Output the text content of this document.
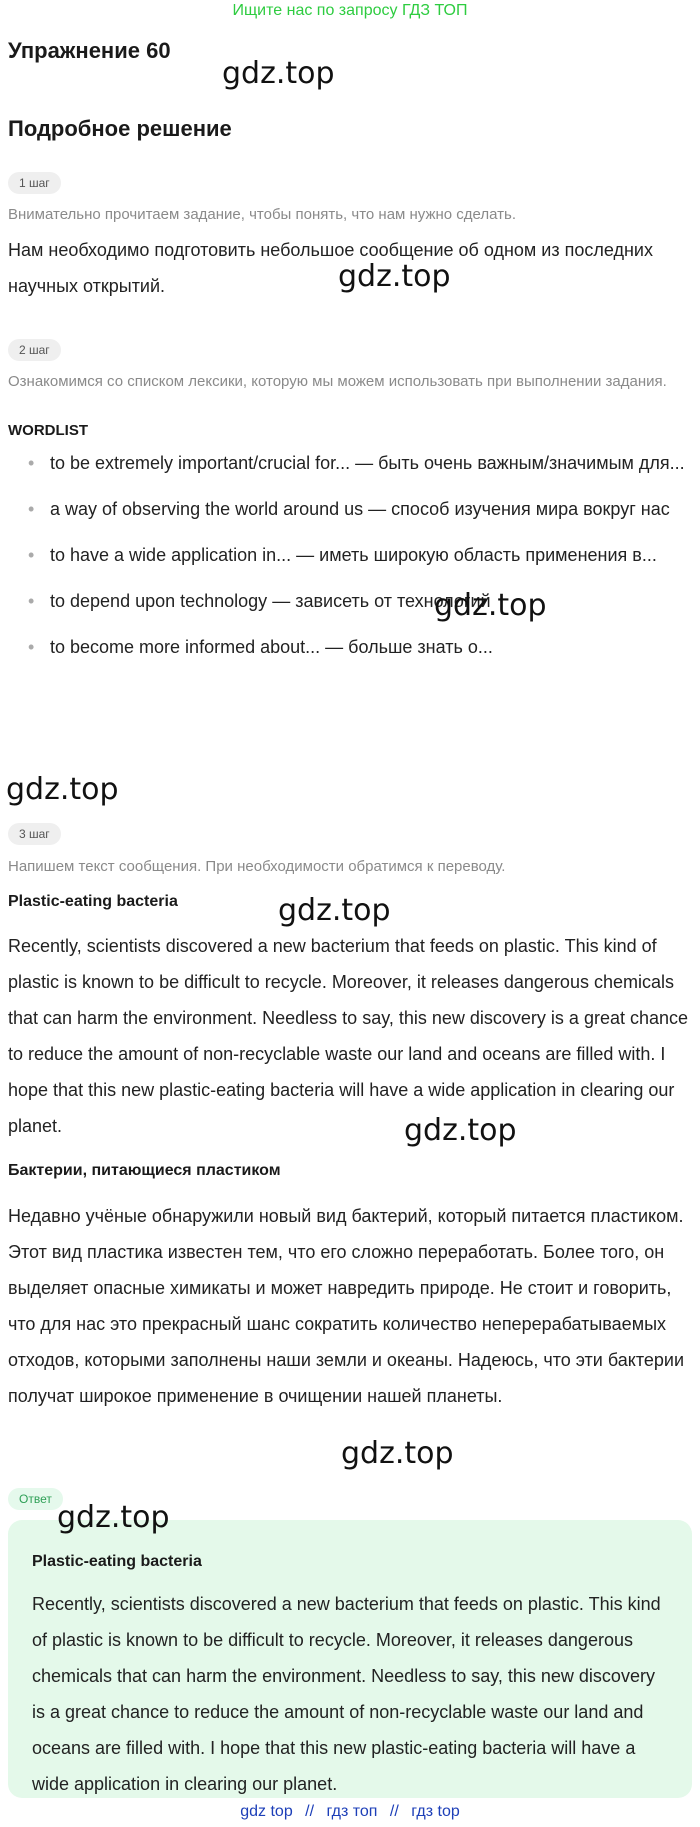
Ищите нас по запросу ГДЗ ТОП
Упражнение 60
gdz.top
Подробное решение
1 шаг
Внимательно прочитаем задание, чтобы понять, что нам нужно сделать.
Нам необходимо подготовить небольшое сообщение об одном из последних научных открытий.	gdz.top
2 шаг
Ознакомимся со списком лексики, которую мы можем использовать при выполнении задания.
WORDLIST
• to be extremely important/crucial for... — быть очень важным/значимым для...
• a way of observing the world around us — способ изучения мира вокруг нас
• to have a wide application in... — иметь широкую область применения в...
• to depend upon technology — зависеть от технологий
• to become more informed about... — больше знать о...
gdz.top
gdz.top
3 шаг
Напишем текст сообщения. При необходимости обратимся к переводу.
Plastic-eating bacteria	gdz.top
Recently, scientists discovered a new bacterium that feeds on plastic. This kind of plastic is known to be difficult to recycle. Moreover, it releases dangerous chemicals that can harm the environment. Needless to say, this new discovery is a great chance to reduce the amount of non-recyclable waste our land and oceans are filled with. I hope that this new plastic-eating bacteria will have a wide application in clearing our planet.	gdz.top
Бактерии, питающиеся пластиком
Недавно учёные обнаружили новый вид бактерий, который питается пластиком. Этот вид пластика известен тем, что его сложно переработать. Более того, он выделяет опасные химикаты и может навредить природе. Не стоит и говорить, что для нас это прекрасный шанс сократить количество неперерабатываемых отходов, которыми заполнены наши земли и океаны. Надеюсь, что эти бактерии получат широкое применение в очищении нашей планеты.
gdz.top
Ответ
gdz.top
Plastic-eating bacteria
Recently, scientists discovered a new bacterium that feeds on plastic. This kind of plastic is known to be difficult to recycle. Moreover, it releases dangerous chemicals that can harm the environment. Needless to say, this new discovery is a great chance to reduce the amount of non-recyclable waste our land and oceans are filled with. I hope that this new plastic-eating bacteria will have a wide application in clearing our planet.
gdz top // гдз топ // гдз top
